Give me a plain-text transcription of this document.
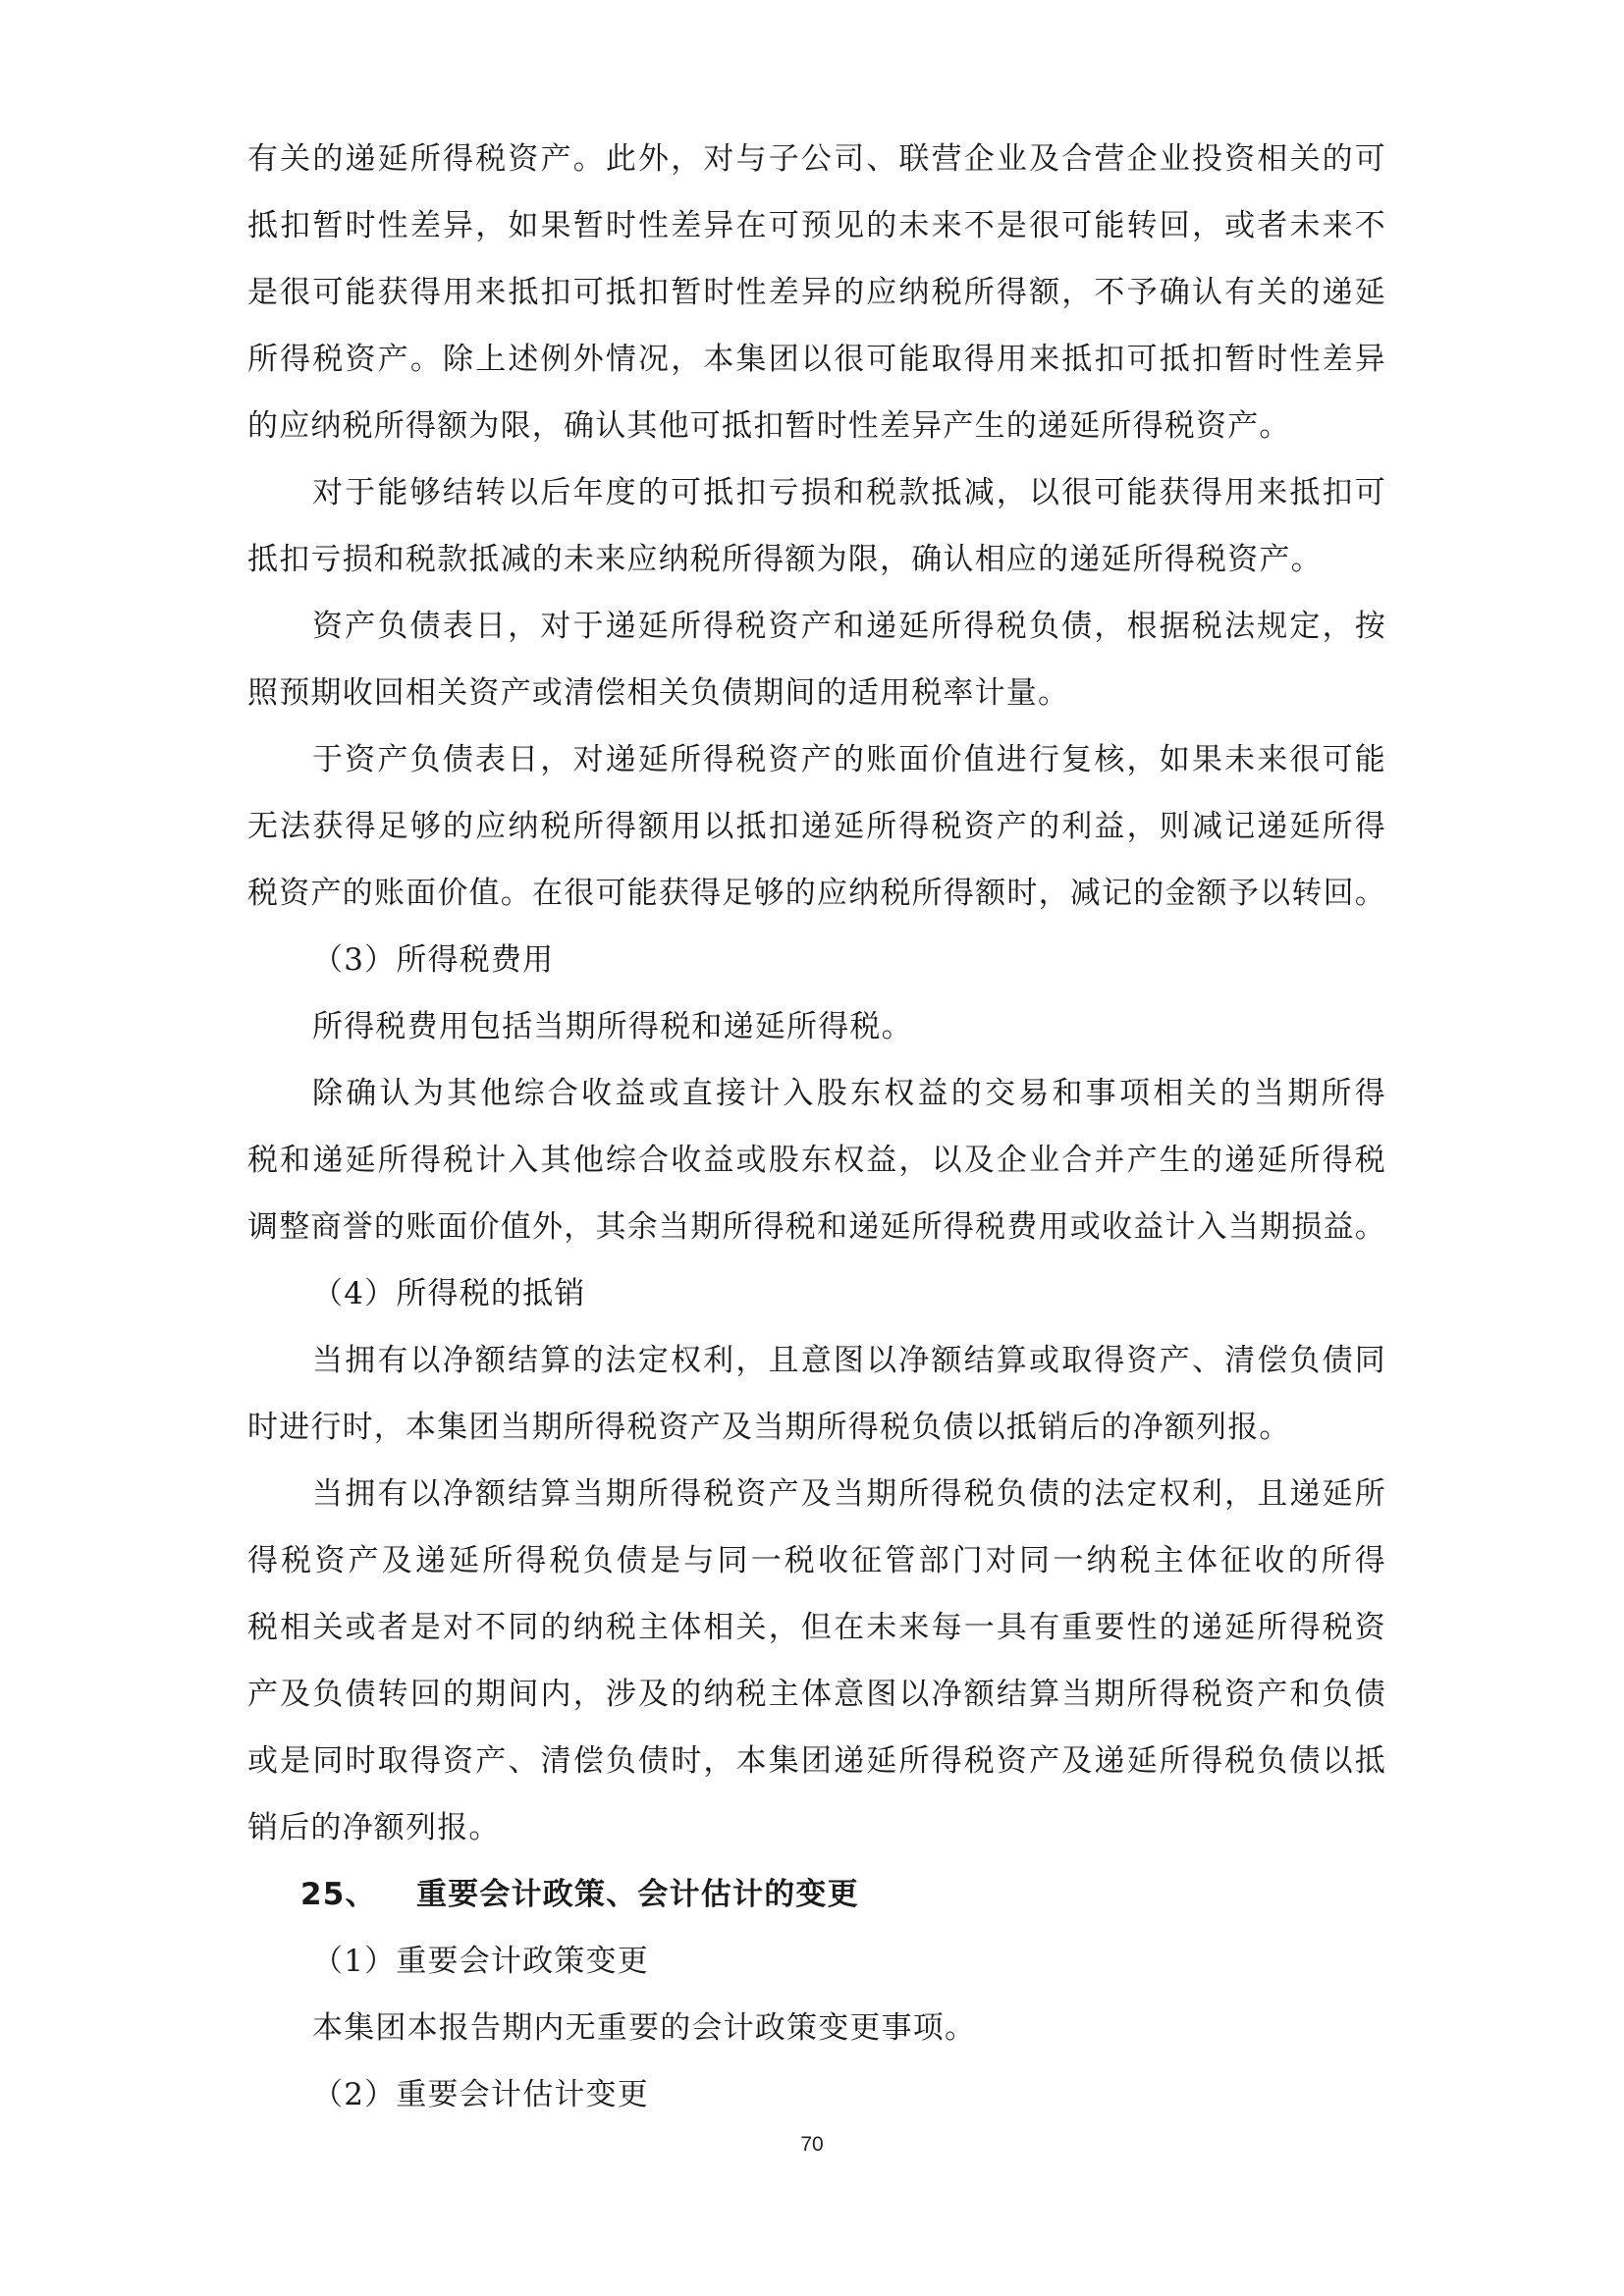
有关的递延所得税资产。此外，对与子公司、联营企业及合营企业投资相关的可

抵扣暂时性差异，如果暂时性差异在可预见的未来不是很可能转回，或者未来不

是很可能获得用来抵扣可抵扣暂时性差异的应纳税所得额，不予确认有关的递延

所得税资产。除上述例外情况，本集团以很可能取得用来抵扣可抵扣暂时性差异

的应纳税所得额为限，确认其他可抵扣暂时性差异产生的递延所得税资产。

对于能够结转以后年度的可抵扣亏损和税款抵减，以很可能获得用来抵扣可

抵扣亏损和税款抵减的未来应纳税所得额为限，确认相应的递延所得税资产。

资产负债表日，对于递延所得税资产和递延所得税负债，根据税法规定，按

照预期收回相关资产或清偿相关负债期间的适用税率计量。

于资产负债表日，对递延所得税资产的账面价值进行复核，如果未来很可能

无法获得足够的应纳税所得额用以抵扣递延所得税资产的利益，则减记递延所得

税资产的账面价值。在很可能获得足够的应纳税所得额时，减记的金额予以转回。

（3）所得税费用

所得税费用包括当期所得税和递延所得税。

除确认为其他综合收益或直接计入股东权益的交易和事项相关的当期所得

税和递延所得税计入其他综合收益或股东权益，以及企业合并产生的递延所得税

调整商誉的账面价值外，其余当期所得税和递延所得税费用或收益计入当期损益。

（4）所得税的抵销

当拥有以净额结算的法定权利，且意图以净额结算或取得资产、清偿负债同

时进行时，本集团当期所得税资产及当期所得税负债以抵销后的净额列报。

当拥有以净额结算当期所得税资产及当期所得税负债的法定权利，且递延所

得税资产及递延所得税负债是与同一税收征管部门对同一纳税主体征收的所得

税相关或者是对不同的纳税主体相关，但在未来每一具有重要性的递延所得税资

产及负债转回的期间内，涉及的纳税主体意图以净额结算当期所得税资产和负债

或是同时取得资产、清偿负债时，本集团递延所得税资产及递延所得税负债以抵

销后的净额列报。

25、 重要会计政策、会计估计的变更

（1）重要会计政策变更

本集团本报告期内无重要的会计政策变更事项。

（2）重要会计估计变更

70
